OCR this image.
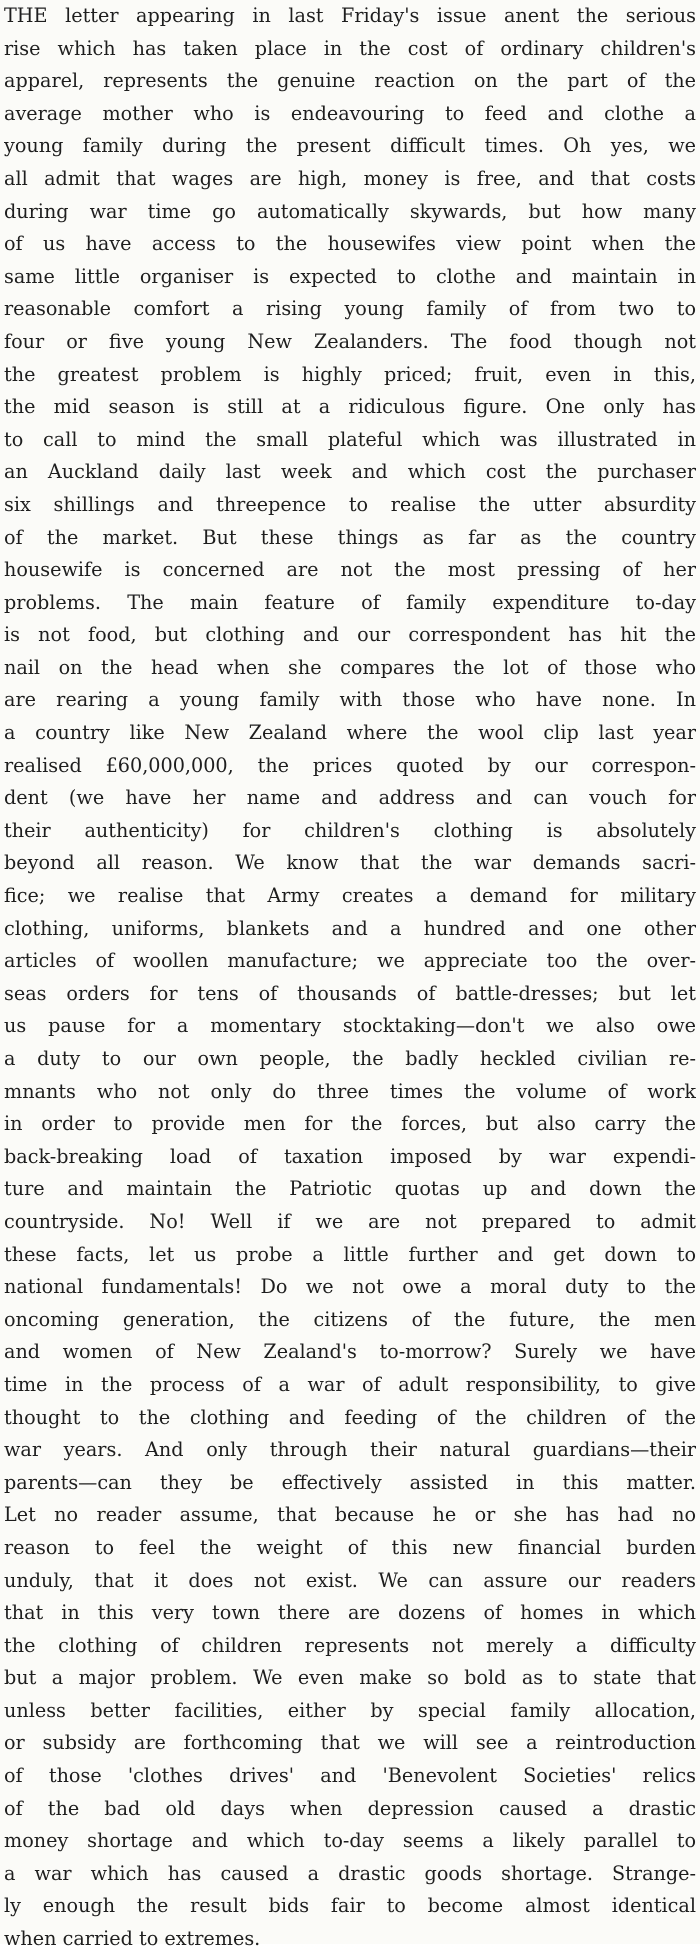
THE letter appearing in last Friday's issue anent the serious
rise which has taken place in the cost of ordinary children's
apparel, represents the genuine reaction on the part of the
average mother who is endeavouring to feed and clothe a
young family during the present difficult times. Oh yes, we
all admit that wages are high, money is free, and that costs
during war time go automatically skywards, but how many
of us have access to the housewifes view point when the
same little organiser is expected to clothe and maintain in
reasonable comfort a rising young family of from two to
four or five young New Zealanders. The food though not
the greatest problem is highly priced; fruit, even in this,
the mid season is still at a ridiculous figure. One only has
to call to mind the small plateful which was illustrated in
an Auckland daily last week and which cost the purchaser
six shillings and threepence to realise the utter absurdity
of the market. But these things as far as the country
housewife is concerned are not the most pressing of her
problems. The main feature of family expenditure to-day
is not food, but clothing and our correspondent has hit the
nail on the head when she compares the lot of those who
are rearing a young family with those who have none. In
a country like New Zealand where the wool clip last year
realised £60,000,000, the prices quoted by our correspon-
dent (we have her name and address and can vouch for
their authenticity) for children's clothing is absolutely
beyond all reason. We know that the war demands sacri-
fice; we realise that Army creates a demand for military
clothing, uniforms, blankets and a hundred and one other
articles of woollen manufacture; we appreciate too the over-
seas orders for tens of thousands of battle-dresses; but let
us pause for a momentary stocktaking—don't we also owe
a duty to our own people, the badly heckled civilian re-
mnants who not only do three times the volume of work
in order to provide men for the forces, but also carry the
back-breaking load of taxation imposed by war expendi-
ture and maintain the Patriotic quotas up and down the
countryside. No! Well if we are not prepared to admit
these facts, let us probe a little further and get down to
national fundamentals! Do we not owe a moral duty to the
oncoming generation, the citizens of the future, the men
and women of New Zealand's to-morrow? Surely we have
time in the process of a war of adult responsibility, to give
thought to the clothing and feeding of the children of the
war years. And only through their natural guardians—their
parents—can they be effectively assisted in this matter.
Let no reader assume, that because he or she has had no
reason to feel the weight of this new financial burden
unduly, that it does not exist. We can assure our readers
that in this very town there are dozens of homes in which
the clothing of children represents not merely a difficulty
but a major problem. We even make so bold as to state that
unless better facilities, either by special family allocation,
or subsidy are forthcoming that we will see a reintroduction
of those 'clothes drives' and 'Benevolent Societies' relics
of the bad old days when depression caused a drastic
money shortage and which to-day seems a likely parallel to
a war which has caused a drastic goods shortage. Strange-
ly enough the result bids fair to become almost identical
when carried to extremes.
